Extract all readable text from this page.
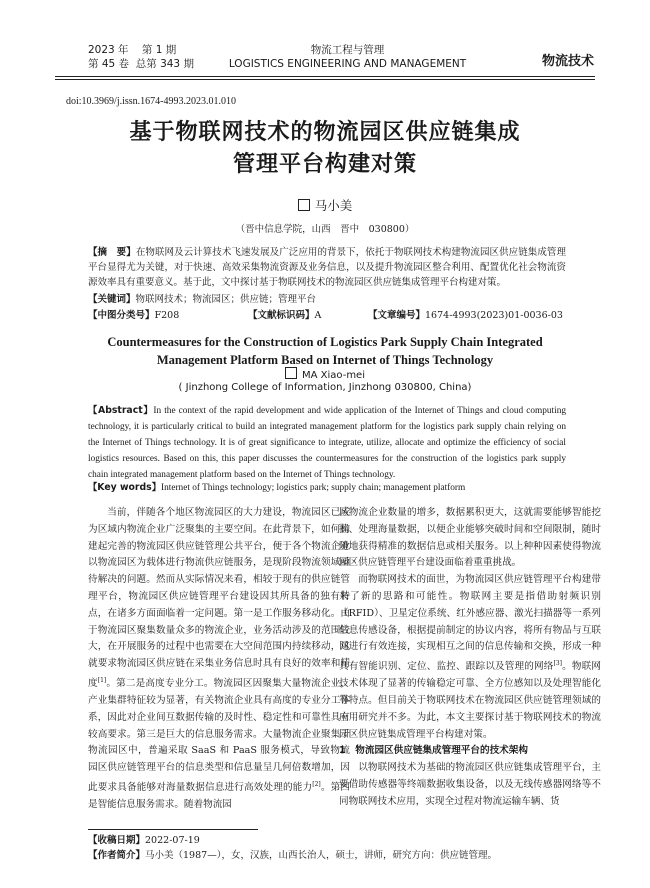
2023 年 第 1 期
第 45 卷 总第 343 期
物流工程与管理
LOGISTICS ENGINEERING AND MANAGEMENT	物流技术
doi:10.3969/j.issn.1674-4993.2023.01.010
基于物联网技术的物流园区供应链集成
管理平台构建对策
马小美
（晋中信息学院，山西　晋中　030800）
【摘　要】在物联网及云计算技术飞速发展及广泛应用的背景下，依托于物联网技术构建物流园区供应链集成管理平台显得尤为关键，对于快速、高效采集物流资源及业务信息，以及提升物流园区整合利用、配置优化社会物流资源效率具有重要意义。基于此，文中探讨基于物联网技术的物流园区供应链集成管理平台构建对策。
【关键词】物联网技术；物流园区；供应链；管理平台
【中图分类号】F208	【文献标识码】A	【文章编号】1674-4993(2023)01-0036-03
Countermeasures for the Construction of Logistics Park Supply Chain Integrated
Management Platform Based on Internet of Things Technology
MA Xiao-mei
( Jinzhong College of Information, Jinzhong 030800, China)
【Abstract】In the context of the rapid development and wide application of the Internet of Things and cloud computing technology, it is particularly critical to build an integrated management platform for the logistics park supply chain relying on the Internet of Things technology. It is of great significance to integrate, utilize, allocate and optimize the efficiency of social logistics resources. Based on this, this paper discusses the countermeasures for the construction of the logistics park supply chain integrated management platform based on the Internet of Things technology.
【Key words】Internet of Things technology; logistics park; supply chain; management platform

当前，伴随各个地区物流园区的大力建设，物流园区已成为区域内物流企业广泛聚集的主要空间。在此背景下，如何构建起完善的物流园区供应链管理公共平台，便于各个物流企业以物流园区为载体进行物流供应链服务，是现阶段物流领域亟待解决的问题。然而从实际情况来看，相较于现有的供应链管理平台，物流园区供应链管理平台建设因其所具备的独有特点，在诸多方面面临着一定问题。第一是工作服务移动化。由于物流园区聚集数量众多的物流企业，业务活动涉及的范围较大，在开展服务的过程中也需要在大空间范围内持续移动，这就要求物流园区供应链在采集业务信息时具有良好的效率和精度[1]。第二是高度专业分工。物流园区因聚集大量物流企业，产业集群特征较为显著，有关物流企业具有高度的专业分工体系，因此对企业间互数据传输的及时性、稳定性和可靠性具有较高要求。第三是巨大的信息服务需求。大量物流企业聚集于物流园区中，普遍采取 SaaS 和 PaaS 服务模式，导致物流园区供应链管理平台的信息类型和信息量呈几何倍数增加，因此要求具备能够对海量数据信息进行高效处理的能力[2]。第四是智能信息服务需求。随着物流园

区物流企业数量的增多，数据累积更大，这就需要能够智能挖掘、处理海量数据，以便企业能够突破时间和空间限制，随时随地获得精准的数据信息或相关服务。以上种种因素使得物流园区供应链管理平台建设面临着重重挑战。

而物联网技术的面世，为物流园区供应链管理平台构建带来了新的思路和可能性。物联网主要是指借助射频识别（RFID）、卫星定位系统、红外感应器、激光扫描器等一系列信息传感设备，根据提前制定的协议内容，将所有物品与互联网进行有效连接，实现相互之间的信息传输和交换，形成一种具有智能识别、定位、监控、跟踪以及管理的网络[3]。物联网技术体现了显著的传输稳定可靠、全方位感知以及处理智能化等特点。但目前关于物联网技术在物流园区供应链管理领域的应用研究并不多。为此，本文主要探讨基于物联网技术的物流园区供应链集成管理平台构建对策。

1　物流园区供应链集成管理平台的技术架构

以物联网技术为基础的物流园区供应链集成管理平台，主要借助传感器等终端数据收集设备，以及无线传感器网络等不同物联网技术应用，实现全过程对物流运输车辆、货

【收稿日期】2022-07-19
【作者简介】马小美（1987—），女，汉族，山西长治人，硕士，讲师，研究方向：供应链管理。
